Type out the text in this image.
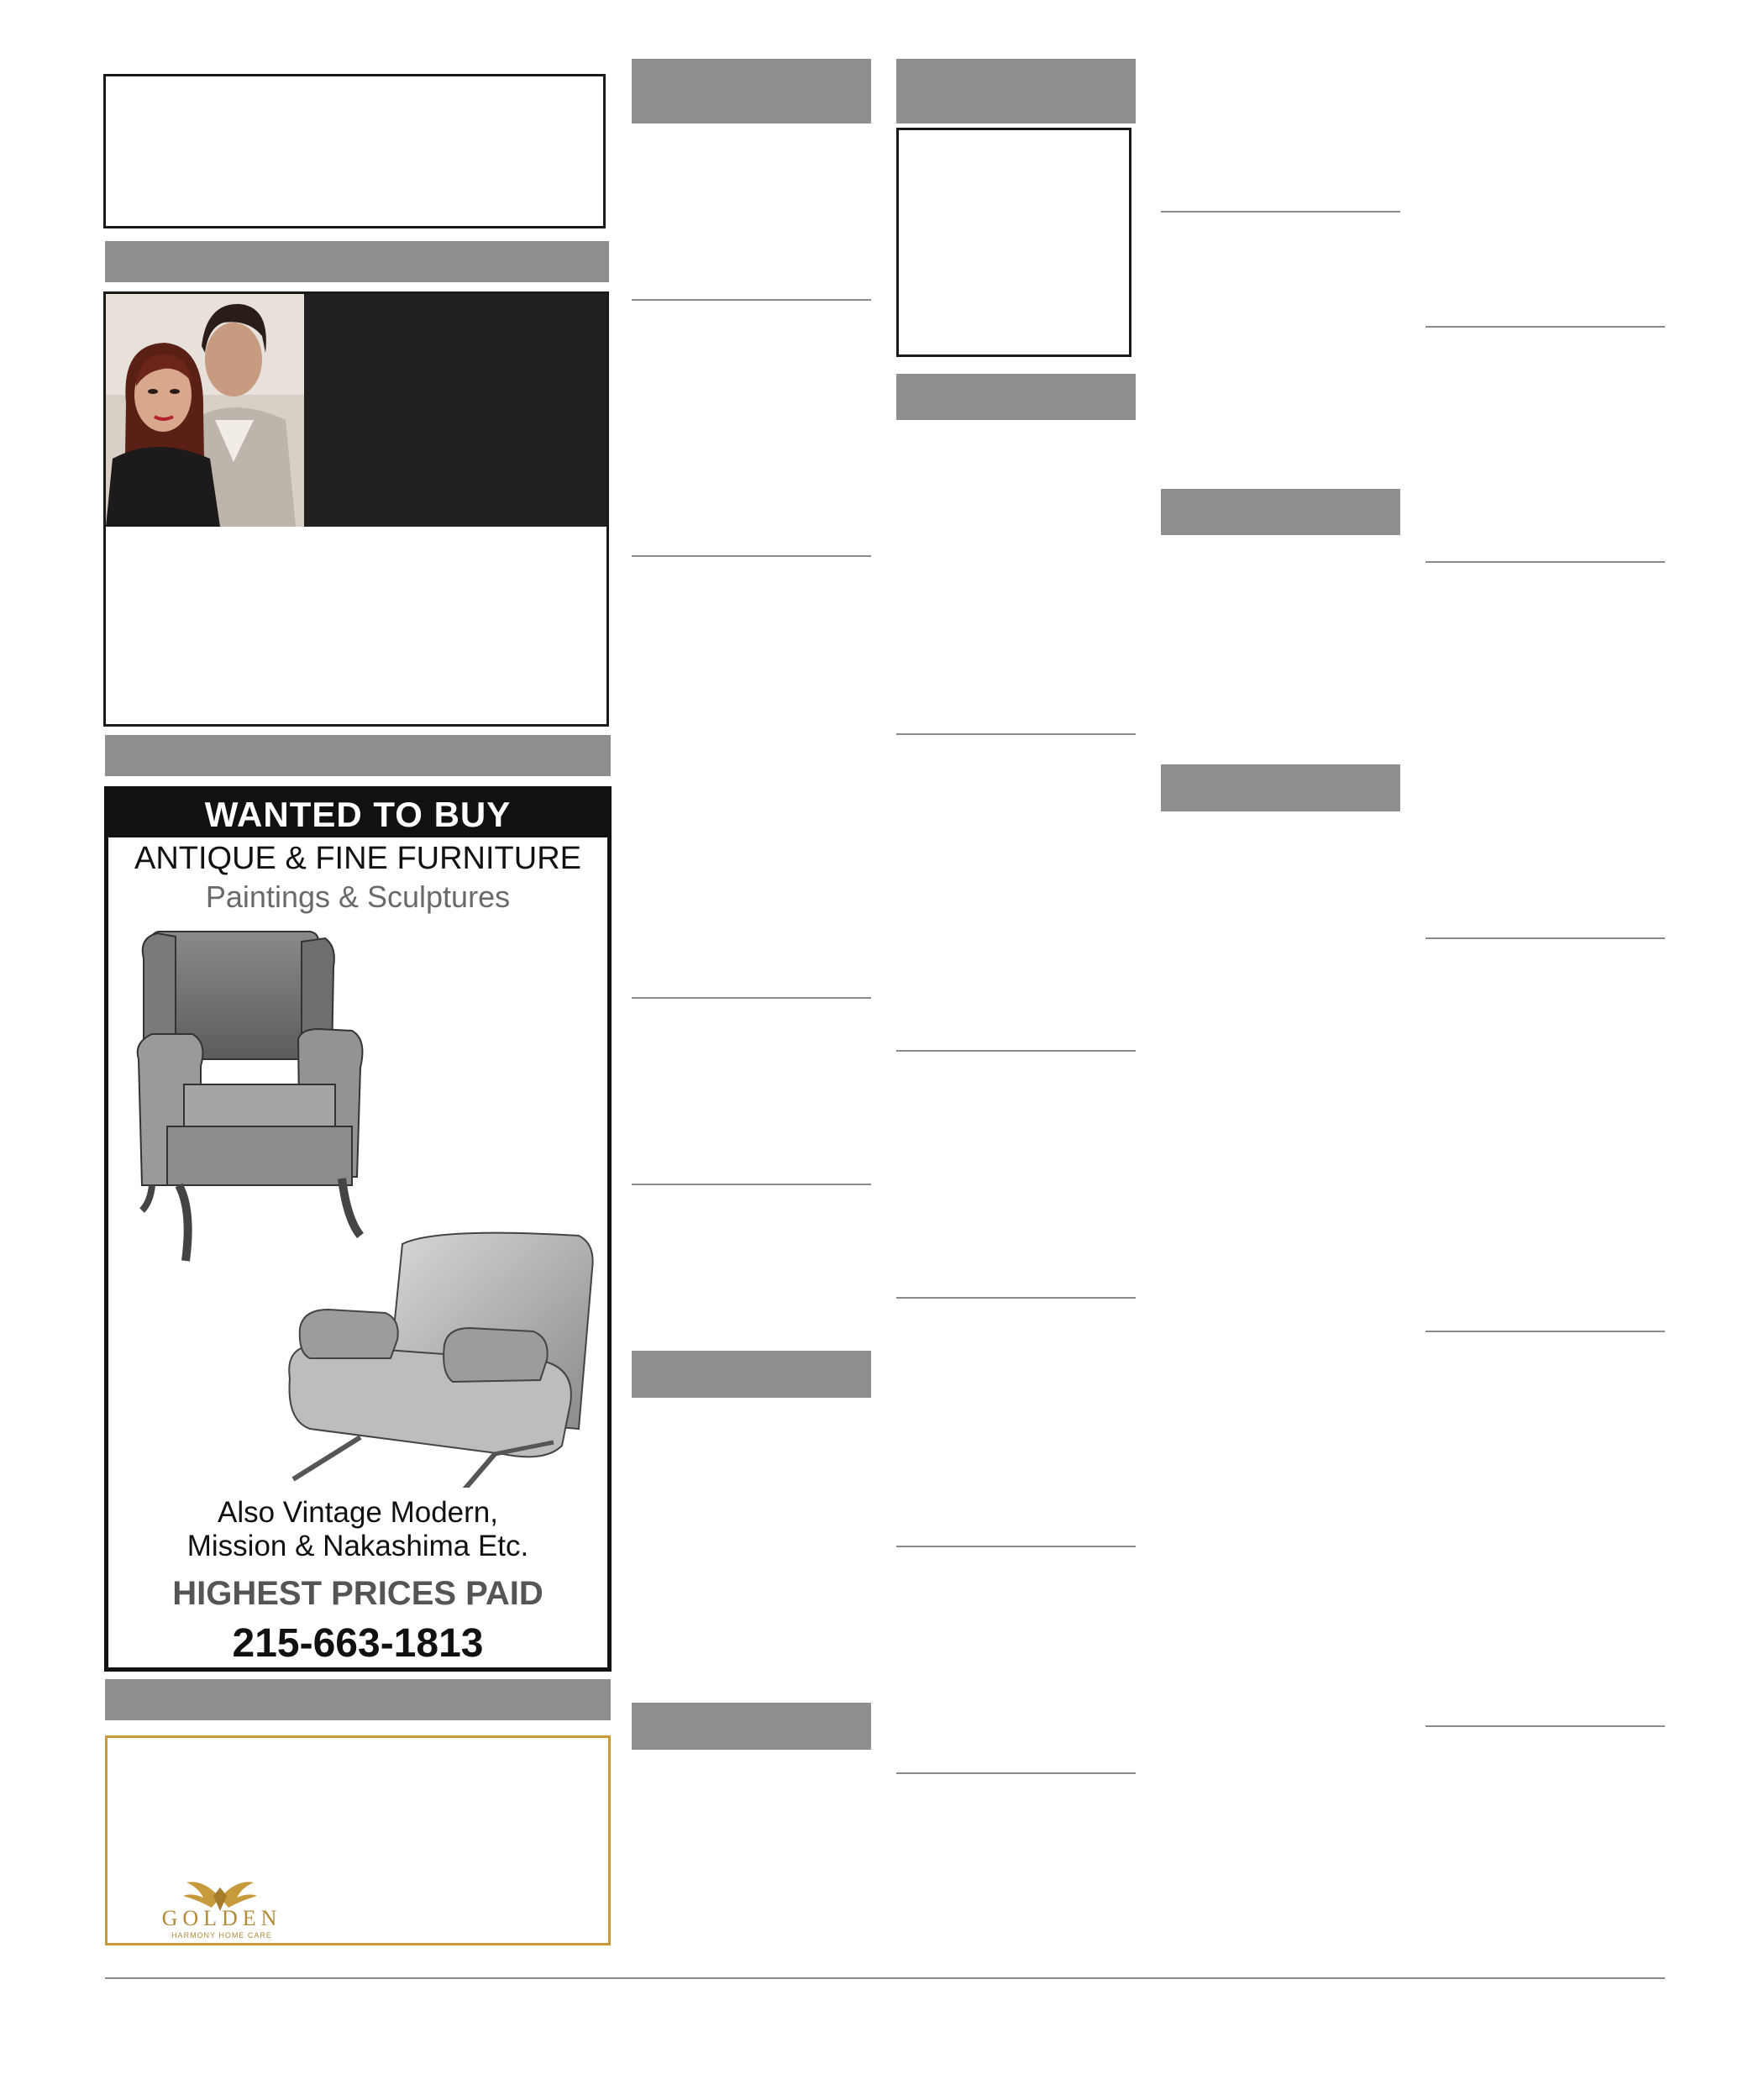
WANTED TO BUY
ANTIQUE & FINE FURNITURE
Paintings & Sculptures
Also Vintage Modern,
Mission & Nakashima Etc.
HIGHEST PRICES PAID
215-663-1813
GOLDEN
HARMONY HOME CARE
